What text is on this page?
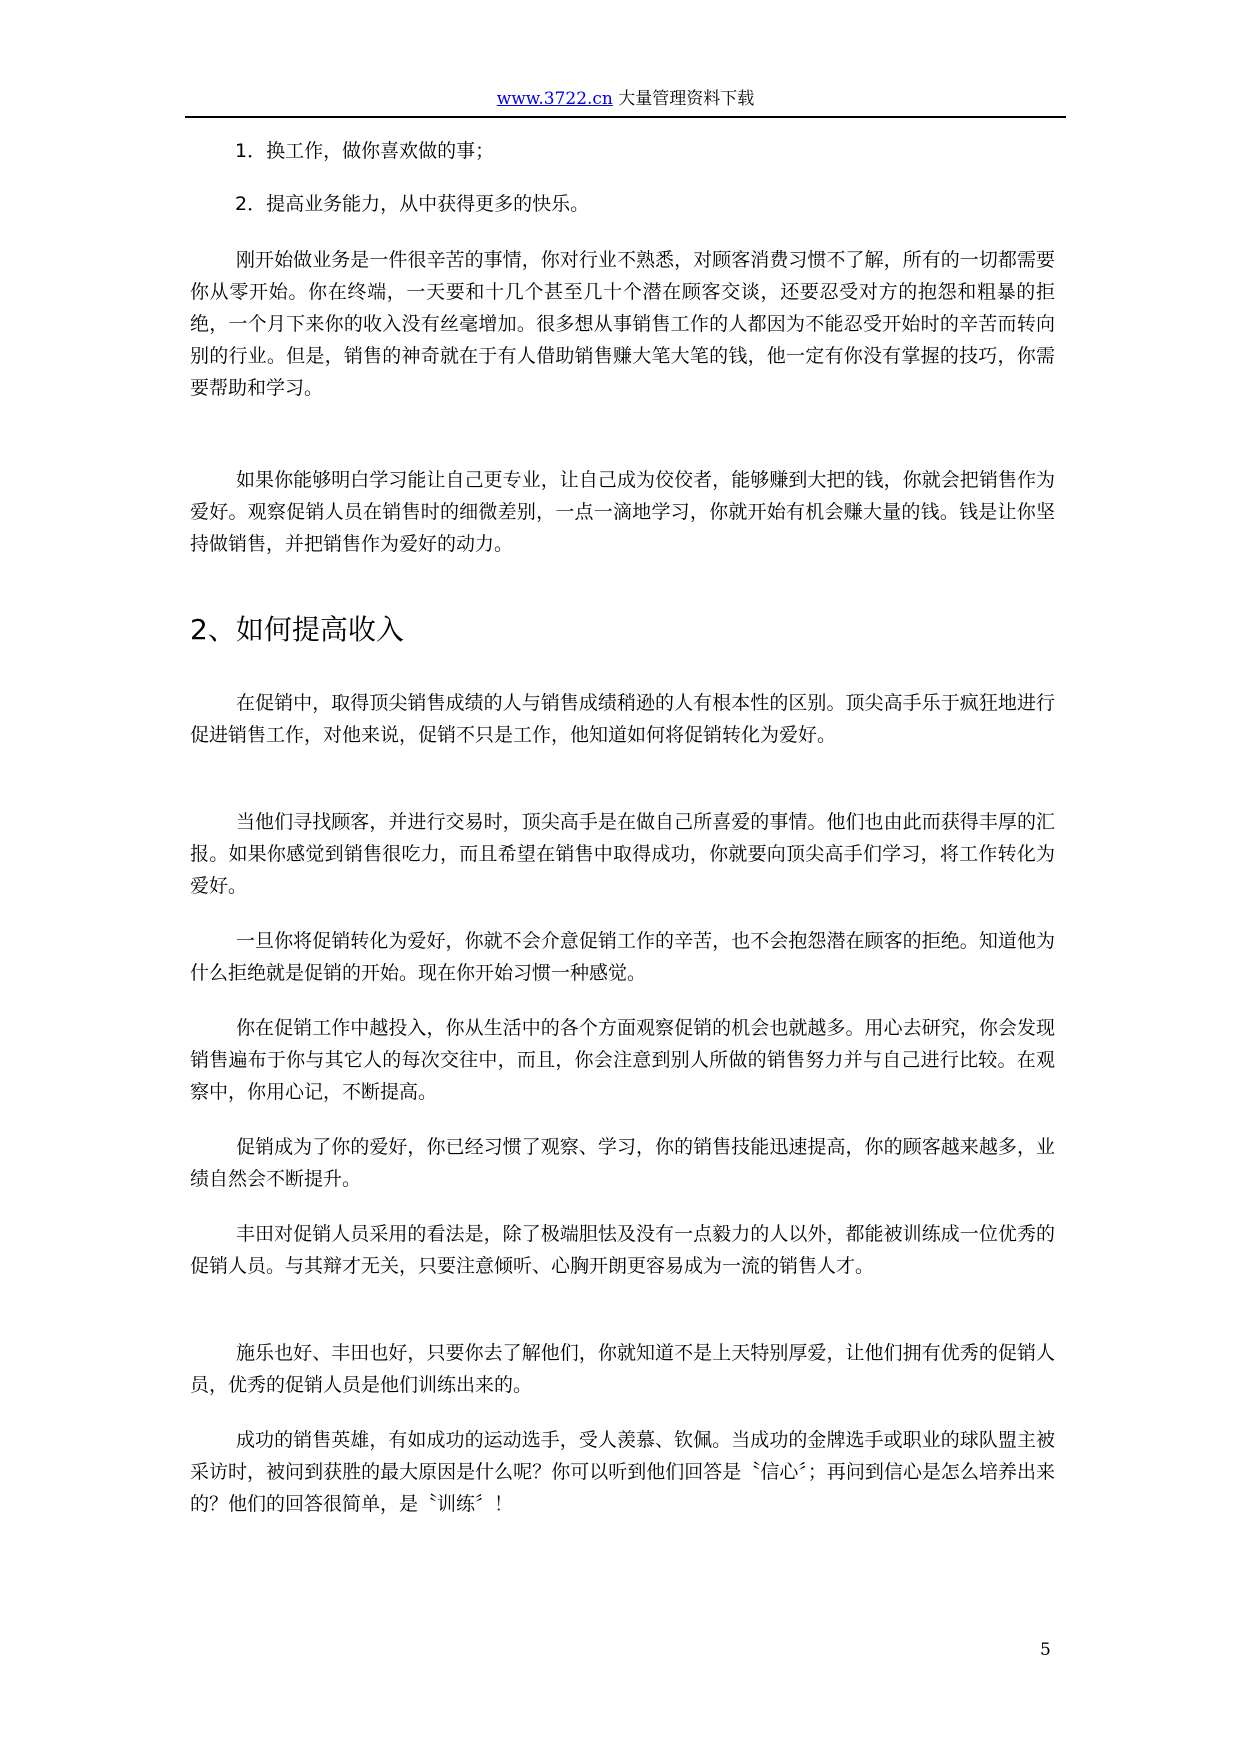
www.3722.cn 大量管理资料下载
1．换工作，做你喜欢做的事；
2．提高业务能力，从中获得更多的快乐。
刚开始做业务是一件很辛苦的事情，你对行业不熟悉，对顾客消费习惯不了解，所有的一切都需要你从零开始。你在终端，一天要和十几个甚至几十个潜在顾客交谈，还要忍受对方的抱怨和粗暴的拒绝，一个月下来你的收入没有丝毫增加。很多想从事销售工作的人都因为不能忍受开始时的辛苦而转向别的行业。但是，销售的神奇就在于有人借助销售赚大笔大笔的钱，他一定有你没有掌握的技巧，你需要帮助和学习。
如果你能够明白学习能让自己更专业，让自己成为佼佼者，能够赚到大把的钱，你就会把销售作为爱好。观察促销人员在销售时的细微差别，一点一滴地学习，你就开始有机会赚大量的钱。钱是让你坚持做销售，并把销售作为爱好的动力。
2、如何提高收入
在促销中，取得顶尖销售成绩的人与销售成绩稍逊的人有根本性的区别。顶尖高手乐于疯狂地进行促进销售工作，对他来说，促销不只是工作，他知道如何将促销转化为爱好。
当他们寻找顾客，并进行交易时，顶尖高手是在做自己所喜爱的事情。他们也由此而获得丰厚的汇报。如果你感觉到销售很吃力，而且希望在销售中取得成功，你就要向顶尖高手们学习，将工作转化为爱好。
一旦你将促销转化为爱好，你就不会介意促销工作的辛苦，也不会抱怨潜在顾客的拒绝。知道他为什么拒绝就是促销的开始。现在你开始习惯一种感觉。
你在促销工作中越投入，你从生活中的各个方面观察促销的机会也就越多。用心去研究，你会发现销售遍布于你与其它人的每次交往中，而且，你会注意到别人所做的销售努力并与自己进行比较。在观察中，你用心记，不断提高。
促销成为了你的爱好，你已经习惯了观察、学习，你的销售技能迅速提高，你的顾客越来越多，业绩自然会不断提升。
丰田对促销人员采用的看法是，除了极端胆怯及没有一点毅力的人以外，都能被训练成一位优秀的促销人员。与其辩才无关，只要注意倾听、心胸开朗更容易成为一流的销售人才。
施乐也好、丰田也好，只要你去了解他们，你就知道不是上天特别厚爱，让他们拥有优秀的促销人员，优秀的促销人员是他们训练出来的。
成功的销售英雄，有如成功的运动选手，受人羡慕、钦佩。当成功的金牌选手或职业的球队盟主被采访时，被问到获胜的最大原因是什么呢？你可以听到他们回答是〝信心〞；再问到信心是怎么培养出来的？他们的回答很简单，是〝训练〞！
5
